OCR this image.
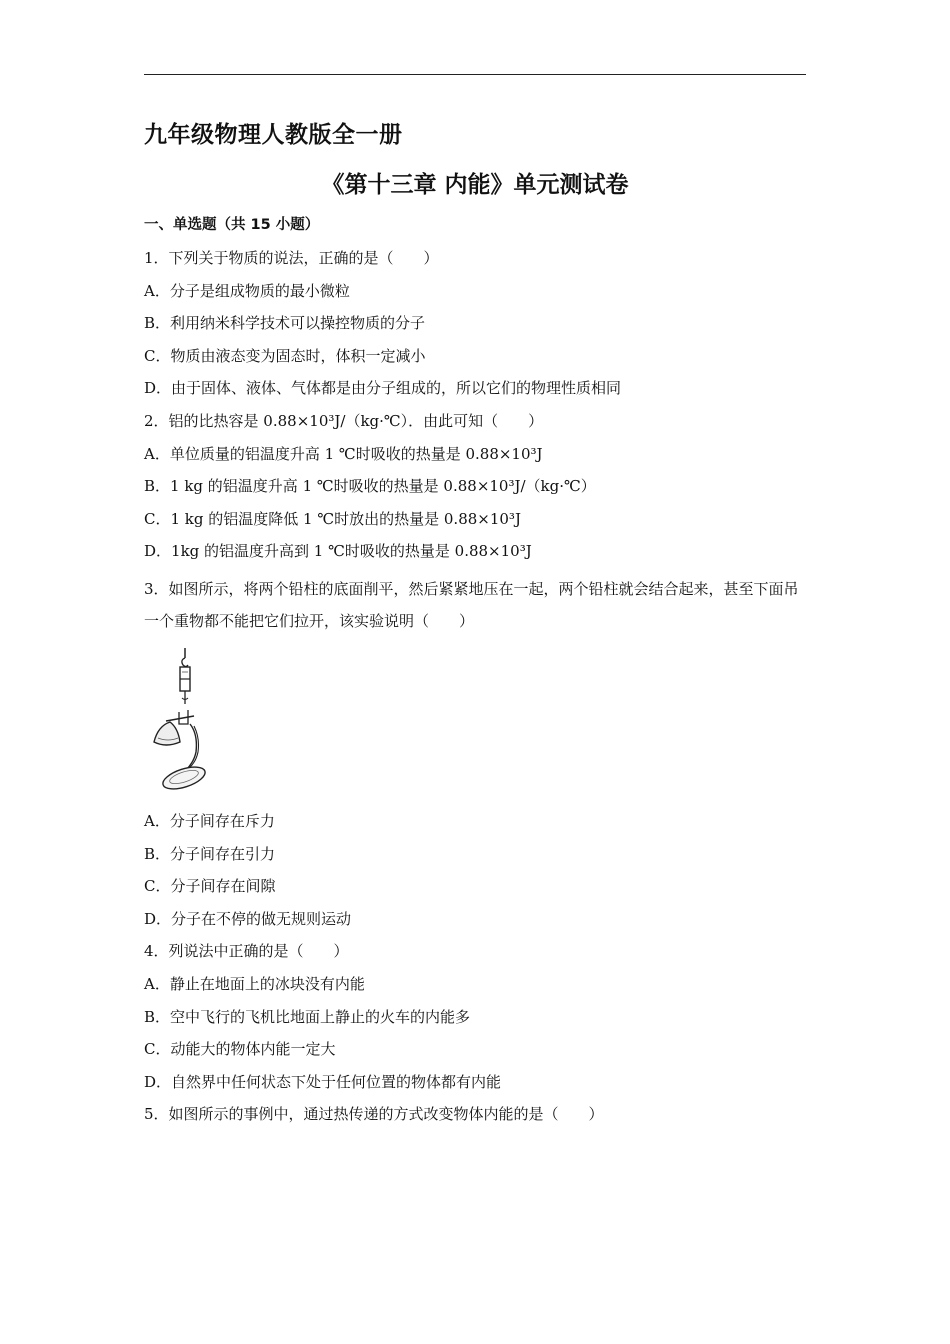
九年级物理人教版全一册
《第十三章 内能》单元测试卷
一、单选题（共 15 小题）
1．下列关于物质的说法，正确的是（　　）
A．分子是组成物质的最小微粒
B．利用纳米科学技术可以操控物质的分子
C．物质由液态变为固态时，体积一定减小
D．由于固体、液体、气体都是由分子组成的，所以它们的物理性质相同
2．铝的比热容是 0.88×10³J/（kg·℃）．由此可知（　　）
A．单位质量的铝温度升高 1 ℃时吸收的热量是 0.88×10³J
B．1 kg 的铝温度升高 1 ℃时吸收的热量是 0.88×10³J/（kg·℃）
C．1 kg 的铝温度降低 1 ℃时放出的热量是 0.88×10³J
D．1kg 的铝温度升高到 1 ℃时吸收的热量是 0.88×10³J
3．如图所示，将两个铅柱的底面削平，然后紧紧地压在一起，两个铅柱就会结合起来，甚至下面吊一个重物都不能把它们拉开，该实验说明（　　）
A．分子间存在斥力
B．分子间存在引力
C．分子间存在间隙
D．分子在不停的做无规则运动
4．列说法中正确的是（　　）
A．静止在地面上的冰块没有内能
B．空中飞行的飞机比地面上静止的火车的内能多
C．动能大的物体内能一定大
D．自然界中任何状态下处于任何位置的物体都有内能
5．如图所示的事例中，通过热传递的方式改变物体内能的是（　　）
